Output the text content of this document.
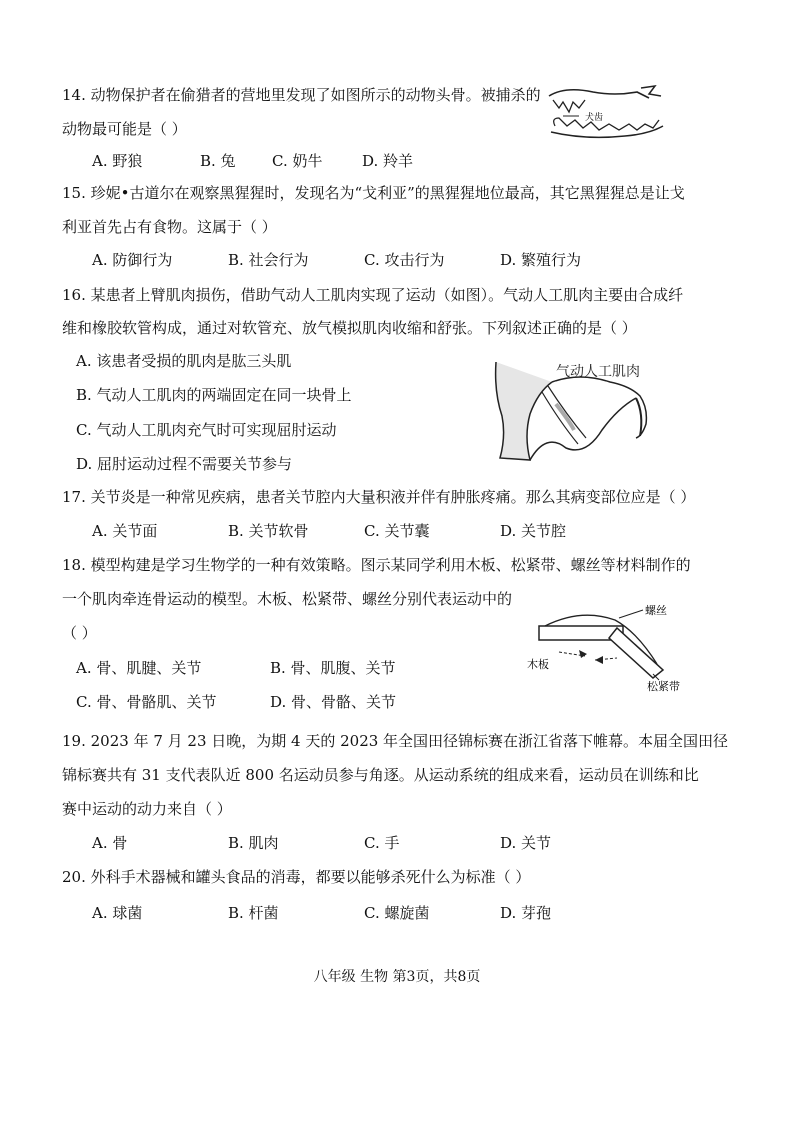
14. 动物保护者在偷猎者的营地里发现了如图所示的动物头骨。被捕杀的
动物最可能是（ ）
A. 野狼	B. 兔 C. 奶牛	D. 羚羊
犬齿
15. 珍妮•古道尔在观察黑猩猩时，发现名为“戈利亚”的黑猩猩地位最高，其它黑猩猩总是让戈
利亚首先占有食物。这属于（ ）
A. 防御行为	B. 社会行为	C. 攻击行为	D. 繁殖行为
16. 某患者上臂肌肉损伤，借助气动人工肌肉实现了运动（如图）。气动人工肌肉主要由合成纤
维和橡胶软管构成，通过对软管充、放气模拟肌肉收缩和舒张。下列叙述正确的是（ ）
A. 该患者受损的肌肉是肱三头肌
B. 气动人工肌肉的两端固定在同一块骨上
C. 气动人工肌肉充气时可实现屈肘运动
D. 屈肘运动过程不需要关节参与
气动人工肌肉
17. 关节炎是一种常见疾病，患者关节腔内大量积液并伴有肿胀疼痛。那么其病变部位应是（ ）
A. 关节面	B. 关节软骨	C. 关节囊	D. 关节腔
18. 模型构建是学习生物学的一种有效策略。图示某同学利用木板、松紧带、螺丝等材料制作的
一个肌肉牵连骨运动的模型。木板、松紧带、螺丝分别代表运动中的
（ ）
A. 骨、肌腱、关节	B. 骨、肌腹、关节
C. 骨、骨骼肌、关节	D. 骨、骨骼、关节
螺丝
木板
松紧带
19. 2023 年 7 月 23 日晚，为期 4 天的 2023 年全国田径锦标赛在浙江省落下帷幕。本届全国田径
锦标赛共有 31 支代表队近 800 名运动员参与角逐。从运动系统的组成来看，运动员在训练和比
赛中运动的动力来自（ ）
A. 骨	B. 肌肉	C. 手	D. 关节
20. 外科手术器械和罐头食品的消毒，都要以能够杀死什么为标准（ ）
A. 球菌	B. 杆菌	C. 螺旋菌	D. 芽孢
八年级 生物 第3页，共8页
